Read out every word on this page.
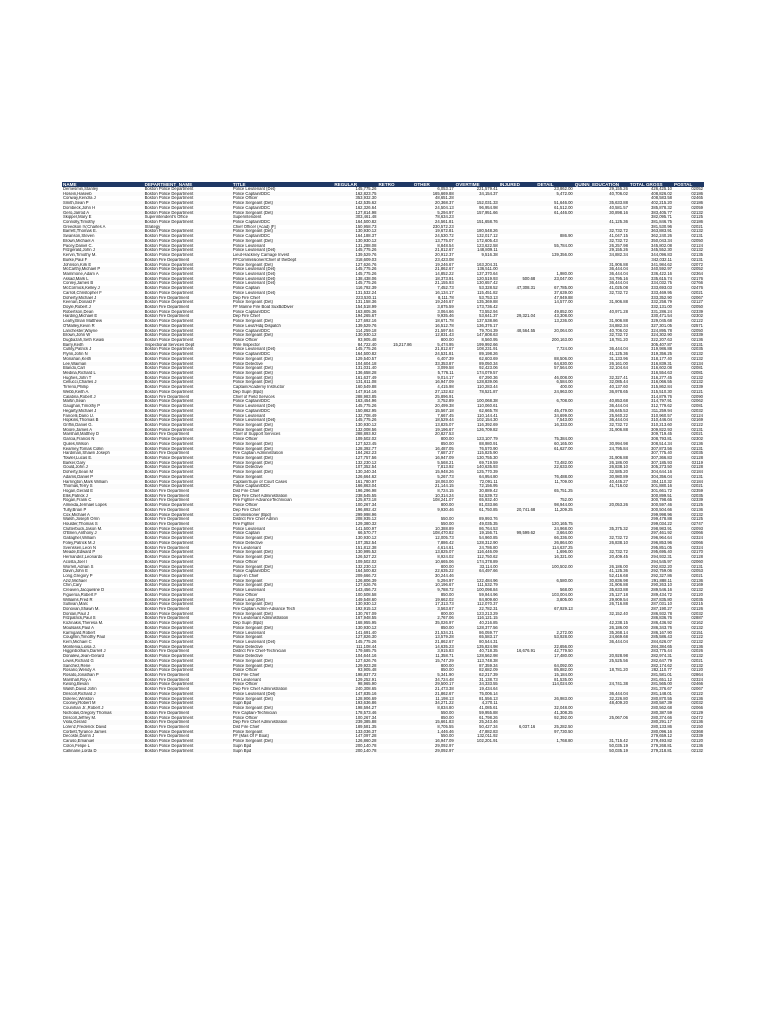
NAME	DEPARTMENT_NAME	TITLE	REGULAR	RETRO	OTHER	OVERTIME	INJURED	DETAIL	QUINN_EDUCATION	TOTAL GROSS	POSTAL
Demesmin,Stanley	Boston Police Department	Police Lieutenant (Det)	145,775.26		6,053.17	221,579.41		23,862.00	29,155.26	426,425.10	02052
Hosein,Haseeb	Boston Police Department	Police Captain/DDC	162,823.75		165,669.88	34,154.37		5,472.00	40,706.02	408,826.02	02186
Conway,Kendra J	Boston Police Department	Police Officer	353,932.30		48,651.28					408,583.58	02465
Smith,Sean P	Boston Police Department	Police Sergeant (Det)	142,535.62		20,368.37	152,031.33		51,646.00	35,633.88	402,215.20	02186
Dombeck,John H	Boston Police Department	Police Captain/DDC	162,326.64		24,504.13	96,954.98		61,512.00	40,581.57	385,878.32	02059
Gero,Jarrod A	Boston Police Department	Police Sergeant (Det)	127,814.98		5,294.97	157,951.66		61,446.00	30,898.16	383,405.77	02132
Skipper,Mary E	Superintendent's Office	Superintendent	303,461.48		78,634.23					382,095.71	02125
Connolly,Timothy	Boston Police Department	Police Captain/DDC	164,500.82		24,561.81	151,658.76			41,125.36	381,846.75	02186
Greedson IV,Charles A	Strategy	Chief Officer (Acad) [F]	150,958.73		230,572.23					381,530.96	02021
Barrett,Thomas E.	Boston Police Department	Police Sergeant (Det)	130,930.12		19,672.81	180,548.26			32,732.72	363,883.91	02132
Swanson,Steven	Boston Police Department	Police Captain/DDC	164,188.37		24,530.72	132,017.12		886.90	41,047.15	362,240.26	02131
Brown,Michael A	Boston Police Department	Police Sergeant (Det)	130,930.12		13,775.07	172,605.43			32,732.72	350,043.34	02050
Pacey,Daniel C.	Boston Police Department	Police Lieutenant	131,288.08		8,848.54	123,622.58		55,784.00	26,257.98	345,802.08	02124
Fitzgerald,John J	Boston Police Department	Police Lieutenant (Det)	145,775.26		21,812.67	148,809.11			29,155.26	345,552.30	02132
Kervin,Timothy M.	Boston Police Department	Lieut-Hackney Carriage Invest	139,529.76		20,912.37	9,516.38		139,356.00	34,882.34	344,096.83	02135
Burke,Paul F	Boston Fire Department	FFCommissioner/Chief of theDept	318,609.03		23,423.08					342,032.11	02131
Johnson,Kirk E	Boston Police Department	Police Sergeant (Det)	127,626.76		19,246.67	163,204.31			31,906.88	341,984.62	02072
McCarthy,Michael P	Boston Police Department	Police Lieutenant (Det)	145,775.26		21,862.67	136,511.00			36,444.04	340,592.97	02052
Mammone,Adam A	Boston Police Department	Police Lieutenant (Det)	145,775.26		14,852.22	137,370.64		1,980.00	36,444.04	336,422.16	02364
Assad,Mark L	Boston Police Department	Police Lieutenant (Det)	138,438.06		18,373.91	120,519.93	500.68	23,047.00	34,795.16	335,615.74	02176
Conley,James B	Boston Police Department	Police Lieutenant (Det)	145,775.26		21,155.93	130,657.42			36,444.04	334,032.75	02766
McCormick,Kelley J	Boston Police Department	Police Captain	116,792.39		7,452.73	53,328.52	47,308.31	67,785.00	41,025.08	333,693.03	02476
Carroll,Christopher F	Boston Police Department	Police Lieutenant (Det)	131,532.24		16,134.17	115,451.82		37,639.00	32,732.72	333,469.95	02021
Doherty,Michael J	Boston Fire Department	Dep Fire Chief	223,530.11		8,111.78	53,753.13		47,949.88		333,352.90	02067
Keenan,Donald F	Boston Police Department	Police Sergeant (Det)	131,158.36		19,246.67	135,369.88		14,577.00	31,906.88	332,258.79	02127
Doyle,Robert J	Boston Fire Department	FF Marine Fire Boat SuxBdDiver	154,518.99		3,875.59	173,736.42				332,131.00	02050
Robertson,Dean	Boston Police Department	Police Captain/DDC	163,805.36		3,064.66	73,552.94		49,852.00	40,971.28	331,286.24	02339
Harding,Michael E	Boston Fire Department	Dep Fire Chief	194,265.67		9,935.46	53,641.37	29,321.04	43,308.00		330,471.54	02302
Leahy,Brian Matthew	Boston Police Department	Police Sergeant (Det)	127,692.16		18,671.78	137,538.86		13,236.00	31,906.88	329,045.68	02122
O'Malley,Kevin R	Boston Police Department	Police Lieut/Hdq Dispatch	139,529.76		16,512.78	136,376.17			34,882.34	327,301.05	02571
Lanchester,Wayne	Boston Police Department	Police Captain/DDC	114,259.18		21,597.84	79,704.39	48,564.55	20,064.00	40,706.02	324,895.78	02050
Brown,John W	Boston Police Department	Police Sergeant (Det)	130,930.12		12,831.43	147,808.63			32,732.72	324,302.90	02339
Dugbazah,Seth Kwasi	Boston Police Department	Police Officer	93,905.48		800.00	8,560.95		200,163.00	18,781.20	322,207.63	02136
Barry,Keith	Inspectional Services Dept	Wire Inspector	84,722.40	15,217.86	5,474.95	199,992.66				305,407.87	02131
Cullity,Patrick J	Boston Police Department	Police Lieutenant (Det)	145,775.26		21,812.67	108,231.91		7,724.00	36,444.04	319,986.88	02035
Flynn,John N	Boston Police Department	Police Captain/DDC	164,500.82		24,531.81	89,198.26			41,125.36	319,356.25	02132
Monahan,Keith	Boston Police Department	Police Sergeant (Det)	129,540.57		6,407.39	62,603.69		88,506.00	31,133.96	318,177.40	02132
Lee,Waiman	Boston Police Department	Police Detective	104,604.18		33,353.87	89,050.34		64,630.00	26,161.00	316,839.31	02134
Blando,Carl	Boston Police Department	Police Sergeant (Det)	131,031.40		3,099.58	92,423.06		57,564.00	32,104.64	316,602.08	02081
Medina,Richard L	Boston Police Department	Police Sergeant (Det)	136,658.28		5,776.11	174,079.57				316,554.63	02081
Hughes,John T	Boston Police Department	Police Sergeant (Det)	161,637.49		9,014.17	67,290.36		46,008.00	32,327.41	316,277.45	02132
Cellucci,Charles J	Boston Police Department	Police Sergeant (Det)	131,611.08		16,947.09	128,839.06		6,584.00	32,085.44	316,066.55	02132
Tirrerio,Phillip	Boston Police Department	Captain/Academy Instructor	160,549.88		4,415.98	110,283.44		400.00	40,137.60	315,862.84	02339
Webb,Keith A.	Boston Police Department	Dep Supn (Bpd)	147,914.16		27,132.62	78,521.87		24,963.00	36,978.65	315,510.30	02121
Calabria,Robert J	Boston Fire Department	Chief of Field Services	288,983.85		25,896.91					314,879.76	02090
Martin,Sean	Boston Police Department	Police Captain/DDC	163,454.96		3,752.89	100,068.38		6,708.00	40,853.68	314,797.91	02062
Gaughan,Timothy P	Boston Police Department	Police Lieutenant (Det)	145,775.26		20,499.38	110,060.61			36,444.04	312,779.62	02081
Hegarty,Michael J	Boston Police Department	Police Captain/DDC	150,862.95		15,567.18	62,665.78		45,479.00	36,645.53	311,259.94	02032
Fancelli,Dario U.	Boston Police Department	Police Lieutenant	132,708.49		7,667.45	110,144.41		34,699.00	25,940.22	310,960.57	02124
Hopkins,Thomas B	Boston Police Department	Police Lieutenant (Det)	145,775.26		18,529.44	102,154.30		7,543.00	36,444.04	310,446.04	02169
Griffin,Daniel G.	Boston Police Department	Police Sergeant (Det)	130,930.12		13,825.07	116,392.69		16,333.00	32,732.72	310,213.60	02122
Moore,James A	Boston Police Department	Police Sergeant (Det)	132,008.56		19,196.67	126,709.82			31,906.88	309,822.93	02131
Marshall,Matthey D	Boston Fire Department	Chief of Support Services	288,893.92		20,827.53					309,719.45	02021
Garcia,Francis N	Boston Police Department	Police Officer	109,502.02		800.00	123,107.79		75,384.00		308,793.81	02302
Quiles,Wilson	Boston Police Department	Police Sergeant (Det)	127,523.45		850.00	88,980.91		60,165.00	30,994.98	308,514.34	02136
Kearney,Tomas Collin	Boston Police Department	Police Sergeant (Det)	128,392.77		16,487.05	76,570.90		61,627.00	24,795.84	307,873.56	02131
Hardiman,Shawn Joseph	Boston Fire Department	Fire Captain Administration	184,262.23		7,687.27	115,825.90				307,775.40	02035
Towler,Lucas E.	Boston Police Department	Police Sergeant (Det)	127,757.56		16,947.09	130,755.30			31,906.88	307,366.83	02128
Barker,Gary	Boston Police Department	Police Sergeant (Det)	132,230.12		5,568.21	69,719.59		73,482.00	26,186.00	307,185.93	02119
Gould,John J	Boston Police Department	Police Detective	107,352.54		7,813.92	140,635.93		22,633.00	26,838.10	305,273.50	02128
Doherty,Sean M	Boston Police Department	Police Sergeant (Det)	130,340.34		15,948.26	125,770.39			32,585.20	304,644.16	02184
Adams,Daniel P	Boston Police Department	Police Sergeant	126,664.62		5,267.73	64,954.80		76,488.00	30,980.89	304,356.04	02131
Harrington,Mark William	Boston Police Department	Captain/Supv of Court Cases	161,780.97		18,063.00	72,091.11		11,709.00	40,445.27	304,110.32	02184
Thomas,Terry S	Boston Police Department	Police Captain/DDC	166,863.04		21,144.15	72,156.95			41,716.02	301,880.16	02021
Hogan,Gerald E	Boston Fire Department	Dist Fire Chief	196,296.98		8,724.15	30,889.42		65,751.25		301,661.72	02359
Ellis,Patrick J	Boston Fire Department	Dep Fire Chief Administration	238,545.55		10,314.24	52,539.72				300,899.51	02035
Rogan,Frank C	Boston Fire Department	Fire Fighter-AdvanceTechnician	125,873.18		108,241.07	65,932.40		752.00		300,798.65	02339
Almeida,Jermael Lopes	Boston Police Department	Police Officer	100,267.34		800.00	81,033.86		98,944.00	20,053.26	300,597.46	02125
Tully,Brian P	Boston Fire Department	Dep Fire Chief	196,892.42		9,930.46	61,750.85	20,741.68	11,209.25		300,504.66	02136
Cox,Michael A	Boston Police Department	Commissioner (Bpd)	299,998.96							299,998.96	02132
Walsh,Joseph Orrin	Boston Fire Department	District Fire Chief Admin	208,935.12		550.00	89,993.76				299,478.88	02125
Houlder,Thomas S	Boston Fire Department	Fire Fighter	129,380.32		550.00	49,035.35		120,165.75		299,034.22	02747
Clutterbuck,Jason M.	Boston Police Department	Police Lieutenant	141,500.97		10,388.89	86,764.53		24,968.00	35,375.32	298,983.91	02093
O'Brien,Anthony J	Boston Police Department	Police Captain	66,570.77		108,470.82	19,156.71	99,599.62	3,664.00		297,461.92	02066
Gallagher,William	Boston Police Department	Police Sergeant (Det)	130,930.12		12,005.73	54,960.85		66,336.00	32,732.72	296,964.64	02324
Foley,Patrick M.J	Boston Police Department	Police Detective	107,352.54		7,886.42	128,312.90		26,864.00	26,838.10	296,853.96	02066
Svenssen,Leon N	Boston Fire Department	Fire Lieutenant	151,812.38		4,614.61	24,786.80		114,637.25		295,851.05	02324
Meade,Edward P	Boston Police Department	Police Sergeant (Det)	130,995.52		13,825.07	116,446.09		1,696.00	32,732.72	295,695.40	02170
Hernandez,Leonardo	Boston Police Department	Police Sergeant (Det)	126,527.22		8,924.02	112,750.62		16,321.00	20,409.45	294,932.31	02128
Acosta,Joel I	Boston Police Department	Police Officer	109,502.02		10,665.06	174,378.89				294,545.97	02060
Worrell,Adrian S	Boston Police Department	Police Sergeant (Det)	132,230.12		800.00	33,114.00		100,502.00	26,186.00	292,832.20	02131
Davin,John E	Boston Police Department	Police Captain/DDC	164,500.82		22,635.22	64,497.66			41,125.36	292,759.06	02053
Long,Gregory P	Boston Police Department	Supn-In Chief	209,666.72		30,244.46				52,416.68	292,327.86	02021
Aziz,Michael	Boston Police Department	Police Sergeant	126,806.39		5,294.97	122,484.96		6,580.00	30,836.98	291,888.11	02136
Chin,Cary	Boston Police Department	Police Sergeant (Det)	127,626.76		10,196.67	111,532.79			31,906.88	290,263.10	02169
Creaven,Jacqueline D	Boston Police Department	Police Lieutenant	143,456.72		9,788.72	100,098.84		568.00	35,633.88	289,546.16	02132
Figueroa,Robert F	Boston Police Department	Police Officer	100,508.58		850.00	59,944.96		103,004.00	25,127.18	289,434.72	02120
Williams,Fred R	Boston Police Department	Police Lieut (Det)	149,548.60		19,662.02	84,909.60		3,805.00	29,909.54	287,835.80	02035
Sullivan,Marc	Boston Police Department	Police Sergeant (Det)	130,930.12		17,313.73	112,070.37			26,716.88	287,031.10	02215
Donovan,Shawn M.	Boston Fire Department	Fire Captain Admn-Advance Tech	192,915.12		3,563.67	22,782.31		67,929.13		287,190.27	02126
Donlan,Paul J	Boston Police Department	Police Sergeant (Det)	130,767.09		800.00	123,213.29			32,152.40	286,932.78	02032
Fitzpatrick,Paul S	Boston Fire Department	Fire Lieutenant Administration	167,948.55		2,767.06	116,121.15				286,836.76	02887
Kozinakis,Theresa M.	Boston Police Department	Dep Supn (Bpd)	168,955.95		35,026.97	40,216.85			42,238.15	286,436.92	02162
Moulsass,Paul A	Boston Police Department	Police Sergeant (Det)	130,930.12		850.00	128,377.56			26,186.00	286,343.76	02132
Karmgard,Robert	Boston Police Department	Police Lieutenant	141,691.40		21,534.21	86,059.77		2,272.00	35,268.14	286,167.90	02151
Coughlin,Timothy Paul	Boston Police Department	Police Sergeant	127,826.30		13,579.28	65,583.17		53,928.00	24,669.68	285,586.43	02122
Kerri,Michael C	Boston Police Department	Police Lieutenant (Det)	145,775.26		21,862.67	80,544.31			36,444.04	284,626.07	02132
Montenia,Liosa J.	Boston Police Department	Police Detective	111,108.44		14,635.23	135,824.98		22,656.00		284,384.65	02136
Higginbotham,Darrell J	Boston Fire Department	District Fire Chief-Technician	179,685.75		3,915.83	40,718.35	16,676.91	42,779.50		283,775.44	02026
Donalevi,Jean-Gerard	Boston Police Department	Police Detective	104,644.16		11,358.71	128,562.98		17,480.00	20,928.98	282,974.31	02132
Lewis,Richard G	Boston Police Department	Police Sergeant (Det)	127,626.76		15,747.29	113,748.38			25,525.56	282,647.79	02021
Sanchez,Rene	Boston Police Department	Police Sergeant (Det)	129,923.28		800.00	87,359.34		64,092.00		282,174.62	02132
Rosario,Wendy A	Boston Police Department	Police Officer	93,905.48		850.00	82,682.09		85,882.00	18,781.20	282,110.77	02120
Rosato,Jonathan P	Boston Fire Department	Dist Fire Chief	198,837.72		5,341.90	62,217.39		15,184.00		281,581.01	02864
Marshall,Roy A	Boston Fire Department	Fire Lieutenant	129,252.91		34,724.48	31,138.73		81,535.00		281,651.12	02324
Kwong,Bevan	Boston Police Department	Police Officer	98,965.90		29,500.17	34,333.55		114,024.00	24,741.38	281,565.00	02466
Walsh,David John	Boston Fire Department	Dep Fire Chief Administration	240,308.65		21,473.38	19,434.64				281,376.67	02067
Driscoll,Richard J	Boston Police Department	Police Lieutenant (Det)	147,835.16		21,862.67	75,006.14			36,444.04	281,148.01	02122
Dolerec,Winston	Boston Police Department	Police Sergeant (Det)	128,906.69		11,198.13	81,556.13		26,983.00	32,226.80	280,870.55	02136
Cooney,Robert M	Boston Police Department	Supn Bpd	193,636.86		34,271.22	4,270.11			48,409.20	280,587.39	02032
Counihan Jr.,Robert J	Boston Police Department	Police Sergeant (Det)	198,594.27		8,834.80	41,085.61		32,048.00		280,562.68	02066
Nicholas,Gregory Thomas	Boston Fire Department	Fire Captain-Technician	178,573.46		550.00	59,955.88		41,308.25		280,387.59	02129
Driscoll,Jeffrey M.	Boston Police Department	Police Officer	100,267.34		850.00	61,798.26		92,392.00	25,067.06	280,374.66	02472
Viola,Gerard	Boston Fire Department	Dep Fire Chief Administration	239,385.88		15,661.83	25,243.46				280,291.17	02136
Lorenz,Frederick David	Boston Fire Department	Dist Fire Chief	189,581.35		8,705.55	50,427.34	6,037.16	25,282.50		280,133.86	02150
Corbett,Tyrance James	Boston Police Department	Police Sergeant	133,036.37		1,446.46	47,882.83		97,730.50		280,096.16	02368
Decoste,Darrin J	Boston Fire Department	FF (Mas Of F Boat)	147,097.28		550.00	132,011.92				279,659.12	02339
Caruso,Emanuel	Boston Police Department	Police Sergeant (Det)	126,860.28		16,947.09	102,201.91		1,768.80	31,715.42	279,493.82	02120
Colon,Felipe L	Boston Police Department	Supn Bpd	200,140.78		29,092.97				50,035.19	279,268.81	02136
Callinane,Lorda D	Boston Police Department	Supn Bpd	200,140.78		29,092.97				50,035.19	279,218.81	02132
